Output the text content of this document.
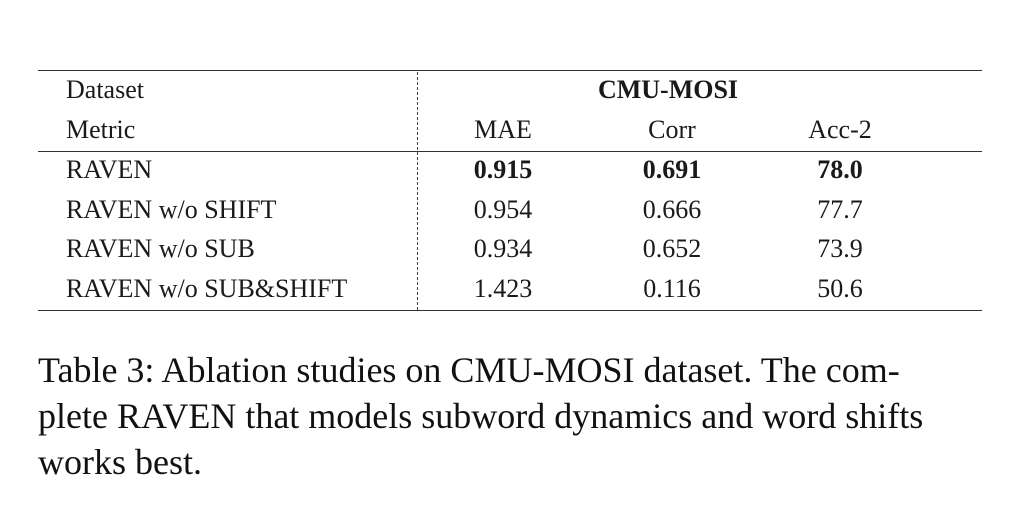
Dataset	CMU-MOSI
Metric	MAE	Corr	Acc-2
RAVEN	0.915	0.691	78.0
RAVEN w/o SHIFT	0.954	0.666	77.7
RAVEN w/o SUB	0.934	0.652	73.9
RAVEN w/o SUB&SHIFT	1.423	0.116	50.6
Table 3: Ablation studies on CMU-MOSI dataset. The com-
plete RAVEN that models subword dynamics and word shifts
works best.
